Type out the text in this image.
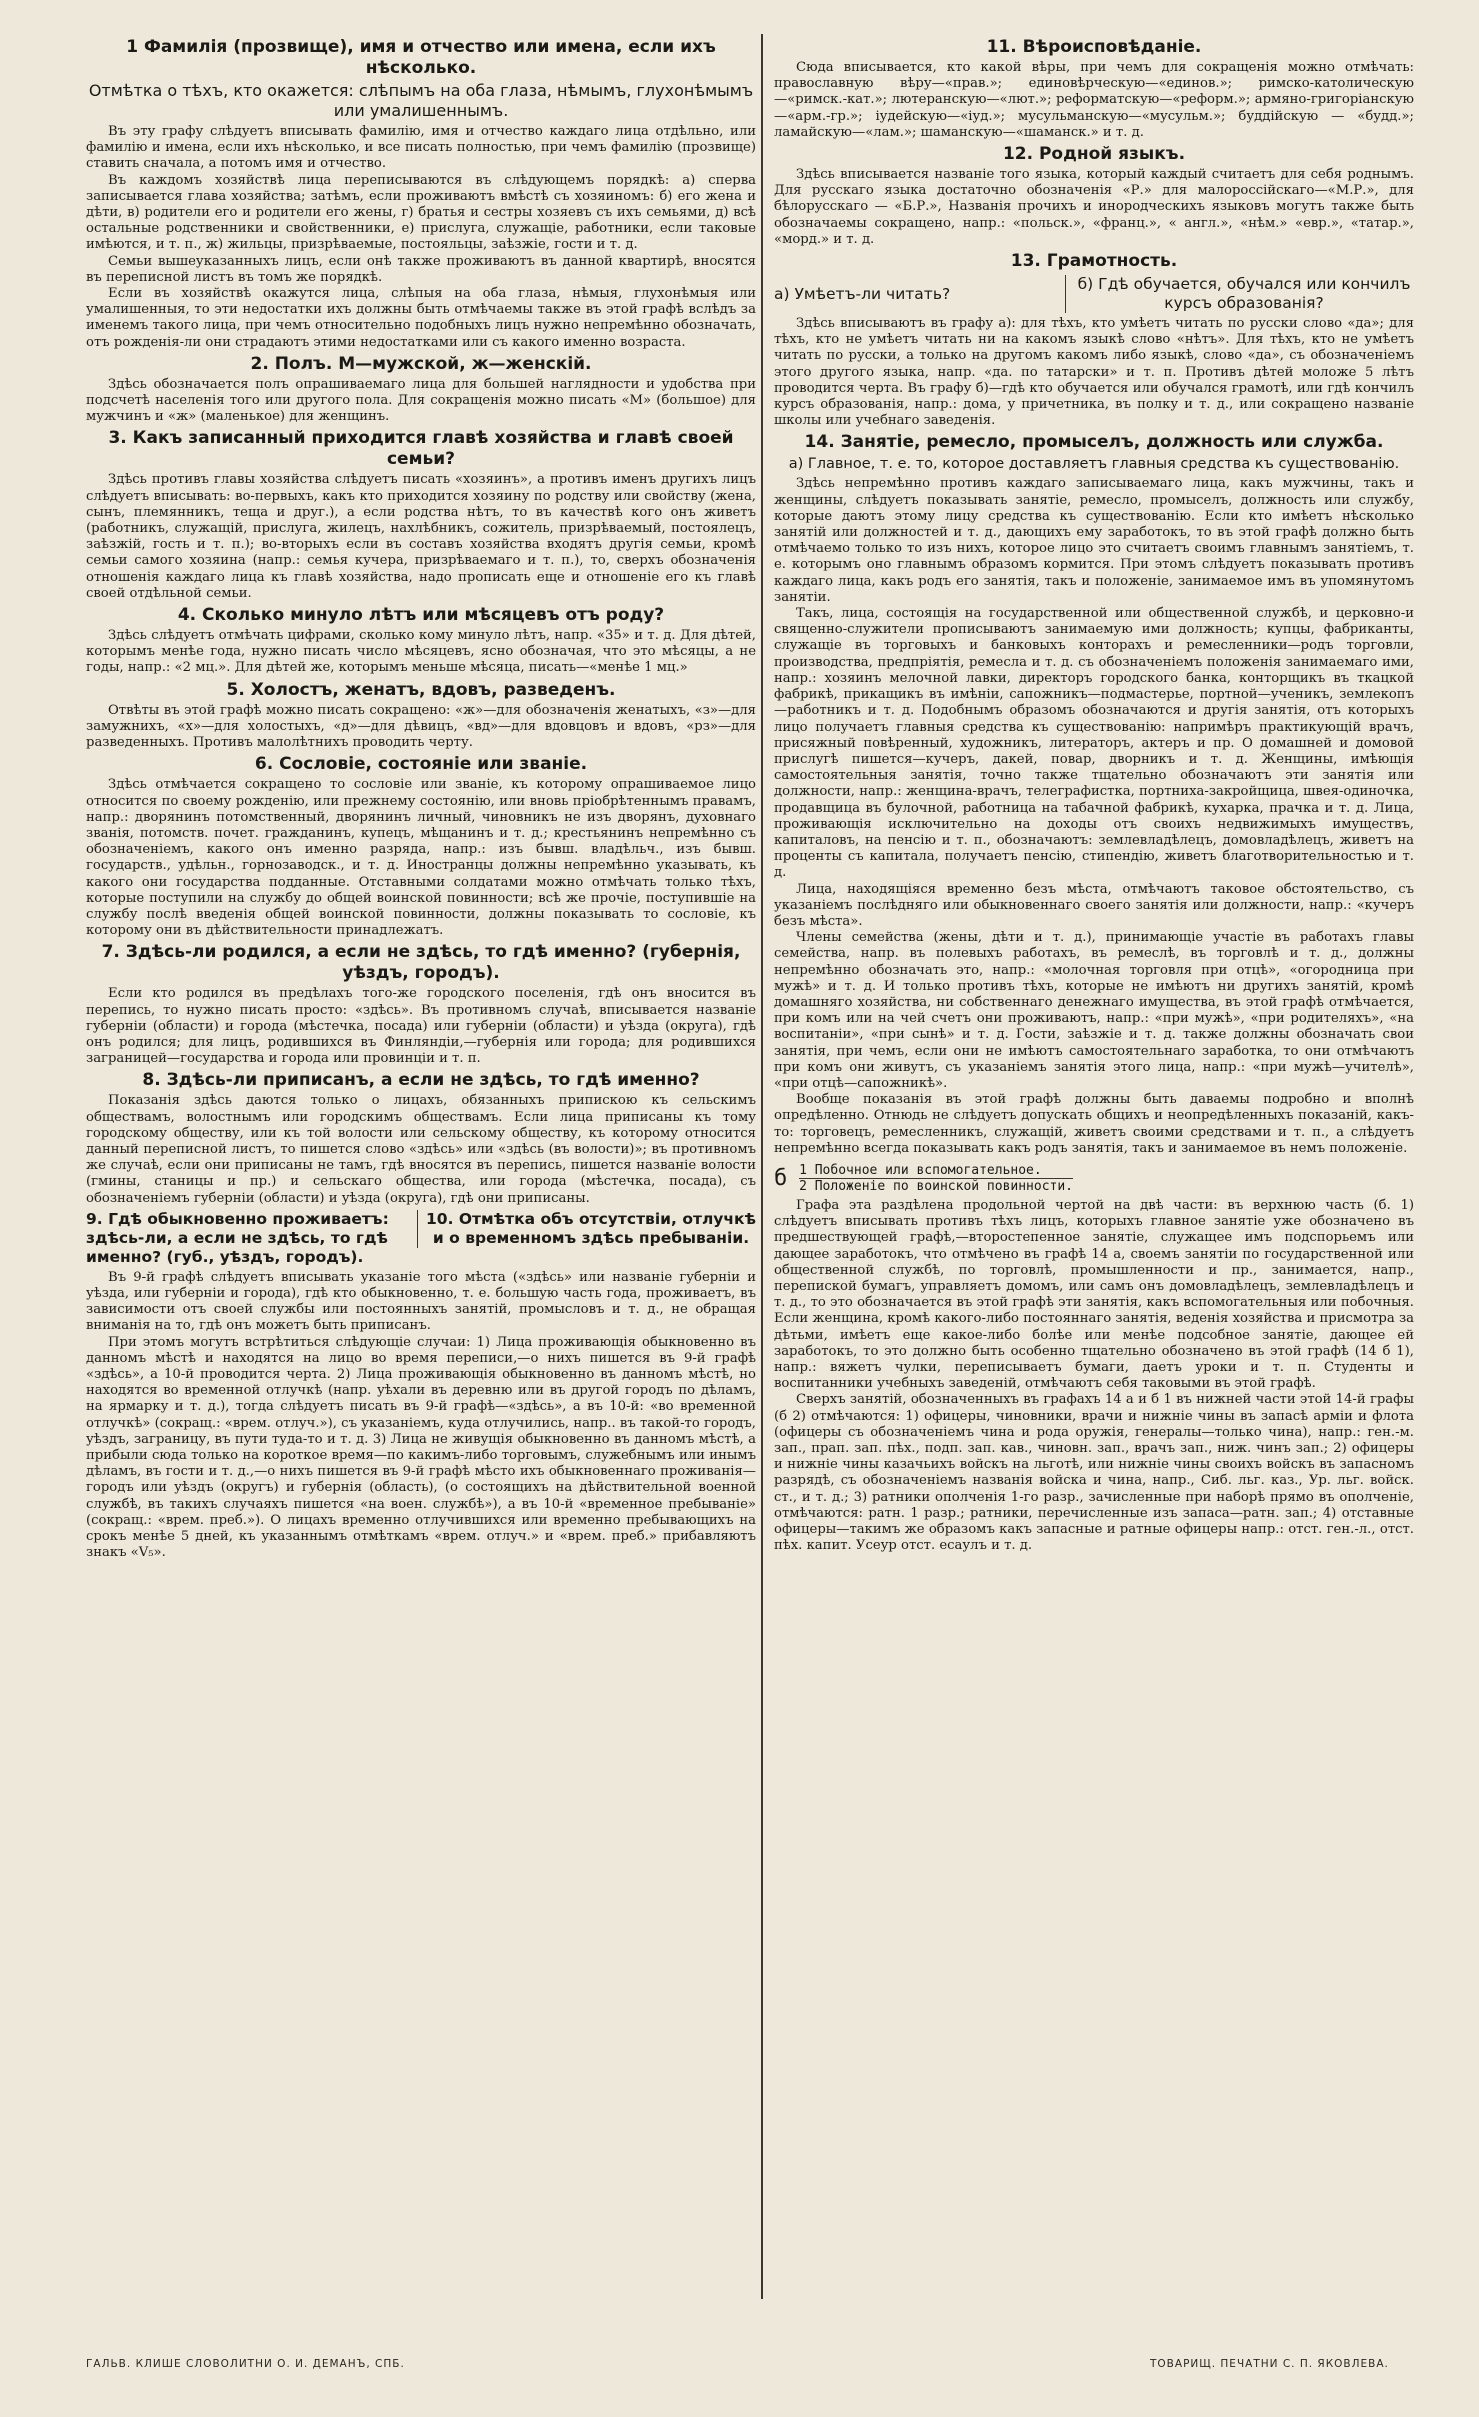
1 Фамилія (прозвище), имя и отчество или имена, если ихъ нѣсколько.
Отмѣтка о тѣхъ, кто окажется: слѣпымъ на оба глаза, нѣмымъ, глухонѣмымъ или умалишеннымъ.

Въ эту графу слѣдуетъ вписывать фамилію, имя и отчество каждаго лица отдѣльно, или фамилію и имена, если ихъ нѣсколько, и все писать полностью, при чемъ фамилію (прозвище) ставить сначала, а потомъ имя и отчество.

Въ каждомъ хозяйствѣ лица переписываются въ слѣдующемъ порядкѣ: а) сперва записывается глава хозяйства; затѣмъ, если проживаютъ вмѣстѣ съ хозяиномъ: б) его жена и дѣти, в) родители его и родители его жены, г) братья и сестры хозяевъ съ ихъ семьями, д) всѣ остальные родственники и свойственники, е) прислуга, служащіе, работники, если таковые имѣются, и т. п., ж) жильцы, призрѣваемые, постояльцы, заѣзжіе, гости и т. д.

Семьи вышеуказанныхъ лицъ, если онѣ также проживаютъ въ данной квартирѣ, вносятся въ переписной листъ въ томъ же порядкѣ.

Если въ хозяйствѣ окажутся лица, слѣпыя на оба глаза, нѣмыя, глухонѣмыя или умалишенныя, то эти недостатки ихъ должны быть отмѣчаемы также въ этой графѣ вслѣдъ за именемъ такого лица, при чемъ относительно подобныхъ лицъ нужно непремѣнно обозначать, отъ рожденія-ли они страдаютъ этими недостатками или съ какого именно возраста.

2. Полъ. М—мужской, ж—женскій.

Здѣсь обозначается полъ опрашиваемаго лица для большей наглядности и удобства при подсчетѣ населенія того или другого пола. Для сокращенія можно писать «М» (большое) для мужчинъ и «ж» (маленькое) для женщинъ.

3. Какъ записанный приходится главѣ хозяйства и главѣ своей семьи?

Здѣсь противъ главы хозяйства слѣдуетъ писать «хозяинъ», а противъ именъ другихъ лицъ слѣдуетъ вписывать: во-первыхъ, какъ кто приходится хозяину по родству или свойству (жена, сынъ, племянникъ, теща и друг.), а если родства нѣтъ, то въ качествѣ кого онъ живетъ (работникъ, служащій, прислуга, жилецъ, нахлѣбникъ, сожитель, призрѣваемый, постоялецъ, заѣзжій, гость и т. п.); во-вторыхъ если въ составъ хозяйства входятъ другія семьи, кромѣ семьи самого хозяина (напр.: семья кучера, призрѣваемаго и т. п.), то, сверхъ обозначенія отношенія каждаго лица къ главѣ хозяйства, надо прописать еще и отношеніе его къ главѣ своей отдѣльной семьи.

4. Сколько минуло лѣтъ или мѣсяцевъ отъ роду?

Здѣсь слѣдуетъ отмѣчать цифрами, сколько кому минуло лѣтъ, напр. «35» и т. д. Для дѣтей, которымъ менѣе года, нужно писать число мѣсяцевъ, ясно обозначая, что это мѣсяцы, а не годы, напр.: «2 мц.». Для дѣтей же, которымъ меньше мѣсяца, писать—«менѣе 1 мц.»

5. Холостъ, женатъ, вдовъ, разведенъ.

Отвѣты въ этой графѣ можно писать сокращено: «ж»—для обозначенія женатыхъ, «з»—для замужнихъ, «х»—для холостыхъ, «д»—для дѣвицъ, «вд»—для вдовцовъ и вдовъ, «рз»—для разведенныхъ. Противъ малолѣтнихъ проводить черту.

6. Сословіе, состояніе или званіе.

Здѣсь отмѣчается сокращено то сословіе или званіе, къ которому опрашиваемое лицо относится по своему рожденію, или прежнему состоянію, или вновь пріобрѣтеннымъ правамъ, напр.: дворянинъ потомственный, дворянинъ личный, чиновникъ не изъ дворянъ, духовнаго званія, потомств. почет. гражданинъ, купецъ, мѣщанинъ и т. д.; крестьянинъ непремѣнно съ обозначеніемъ, какого онъ именно разряда, напр.: изъ бывш. владѣльч., изъ бывш. государств., удѣльн., горнозаводск., и т. д. Иностранцы должны непремѣнно указывать, къ какого они государства подданные. Отставными солдатами можно отмѣчать только тѣхъ, которые поступили на службу до общей воинской повинности; всѣ же прочіе, поступившіе на службу послѣ введенія общей воинской повинности, должны показывать то сословіе, къ которому они въ дѣйствительности принадлежатъ.

7. Здѣсь-ли родился, а если не здѣсь, то гдѣ именно? (губернія, уѣздъ, городъ).

Если кто родился въ предѣлахъ того-же городского поселенія, гдѣ онъ вносится въ перепись, то нужно писать просто: «здѣсь». Въ противномъ случаѣ, вписывается названіе губерніи (области) и города (мѣстечка, посада) или губерніи (области) и уѣзда (округа), гдѣ онъ родился; для лицъ, родившихся въ Финляндіи,—губернія или города; для родившихся заграницей—государства и города или провинціи и т. п.

8. Здѣсь-ли приписанъ, а если не здѣсь, то гдѣ именно?

Показанія здѣсь даются только о лицахъ, обязанныхъ припискою къ сельскимъ обществамъ, волостнымъ или городскимъ обществамъ. Если лица приписаны къ тому городскому обществу, или къ той волости или сельскому обществу, къ которому относится данный переписной листъ, то пишется слово «здѣсь» или «здѣсь (въ волости)»; въ противномъ же случаѣ, если они приписаны не тамъ, гдѣ вносятся въ перепись, пишется названіе волости (гмины, станицы и пр.) и сельскаго общества, или города (мѣстечка, посада), съ обозначеніемъ губерніи (области) и уѣзда (округа), гдѣ они приписаны.

9. Гдѣ обыкновенно проживаетъ: здѣсь-ли, а если не здѣсь, то гдѣ именно? (губ., уѣздъ, городъ).
10. Отмѣтка объ отсутствіи, отлучкѣ и о временномъ здѣсь пребываніи.

Въ 9-й графѣ слѣдуетъ вписывать указаніе того мѣста («здѣсь» или названіе губерніи и уѣзда, или губерніи и города), гдѣ кто обыкновенно, т. е. большую часть года, проживаетъ, въ зависимости отъ своей службы или постоянныхъ занятій, промысловъ и т. д., не обращая вниманія на то, гдѣ онъ можетъ быть приписанъ.

При этомъ могутъ встрѣтиться слѣдующіе случаи: 1) Лица проживающія обыкновенно въ данномъ мѣстѣ и находятся на лицо во время переписи,—о нихъ пишется въ 9-й графѣ «здѣсь», а 10-й проводится черта. 2) Лица проживающія обыкновенно въ данномъ мѣстѣ, но находятся во временной отлучкѣ (напр. уѣхали въ деревню или въ другой городъ по дѣламъ, на ярмарку и т. д.), тогда слѣдуетъ писать въ 9-й графѣ—«здѣсь», а въ 10-й: «во временной отлучкѣ» (сокращ.: «врем. отлуч.»), съ указаніемъ, куда отлучились, напр.. въ такой-то городъ, уѣздъ, заграницу, въ пути туда-то и т. д. 3) Лица не живущія обыкновенно въ данномъ мѣстѣ, а прибыли сюда только на короткое время—по какимъ-либо торговымъ, служебнымъ или инымъ дѣламъ, въ гости и т. д.,—о нихъ пишется въ 9-й графѣ мѣсто ихъ обыкновеннаго проживанія—городъ или уѣздъ (округъ) и губернія (область), (о состоящихъ на дѣйствительной военной службѣ, въ такихъ случаяхъ пишется «на воен. службѣ»), а въ 10-й «временное пребываніе» (сокращ.: «врем. преб.»). О лицахъ временно отлучившихся или временно пребывающихъ на срокъ менѣе 5 дней, къ указаннымъ отмѣткамъ «врем. отлуч.» и «врем. преб.» прибавляютъ знакъ «V₅».

11. Вѣроисповѣданіе.

Сюда вписывается, кто какой вѣры, при чемъ для сокращенія можно отмѣчать: православную вѣру—«прав.»; единовѣрческую—«единов.»; римско-католическую—«римск.-кат.»; лютеранскую—«лют.»; реформатскую—«реформ.»; армяно-григоріанскую—«арм.-гр.»; іудейскую—«іуд.»; мусульманскую—«мусульм.»; буддійскую — «будд.»; ламайскую—«лам.»; шаманскую—«шаманск.» и т. д.

12. Родной языкъ.

Здѣсь вписывается названіе того языка, который каждый считаетъ для себя роднымъ. Для русскаго языка достаточно обозначенія «Р.» для малороссійскаго—«М.Р.», для бѣлорусскаго — «Б.Р.», Названія прочихъ и инородческихъ языковъ могутъ также быть обозначаемы сокращено, напр.: «польск.», «франц.», « англ.», «нѣм.» «евр.», «татар.», «морд.» и т. д.

13. Грамотность.
а) Умѣетъ-ли читать?
б) Гдѣ обучается, обучался или кончилъ курсъ образованія?

Здѣсь вписываютъ въ графу а): для тѣхъ, кто умѣетъ читать по русски слово «да»; для тѣхъ, кто не умѣетъ читать ни на какомъ языкѣ слово «нѣтъ». Для тѣхъ, кто не умѣетъ читать по русски, а только на другомъ какомъ либо языкѣ, слово «да», съ обозначеніемъ этого другого языка, напр. «да. по татарски» и т. п. Противъ дѣтей моложе 5 лѣтъ проводится черта. Въ графу б)—гдѣ кто обучается или обучался грамотѣ, или гдѣ кончилъ курсъ образованія, напр.: дома, у причетника, въ полку и т. д., или сокращено названіе школы или учебнаго заведенія.

14. Занятіе, ремесло, промыселъ, должность или служба.
а) Главное, т. е. то, которое доставляетъ главныя средства къ существованію.

Здѣсь непремѣнно противъ каждаго записываемаго лица, какъ мужчины, такъ и женщины, слѣдуетъ показывать занятіе, ремесло, промыселъ, должность или службу, которые даютъ этому лицу средства къ существованію. Если кто имѣетъ нѣсколько занятій или должностей и т. д., дающихъ ему заработокъ, то въ этой графѣ должно быть отмѣчаемо только то изъ нихъ, которое лицо это считаетъ своимъ главнымъ занятіемъ, т. е. которымъ оно главнымъ образомъ кормится. При этомъ слѣдуетъ показывать противъ каждаго лица, какъ родъ его занятія, такъ и положеніе, занимаемое имъ въ упомянутомъ занятіи.

Такъ, лица, состоящія на государственной или общественной службѣ, и церковно-и священно-служители прописываютъ занимаемую ими должность; купцы, фабриканты, служащіе въ торговыхъ и банковыхъ конторахъ и ремесленники—родъ торговли, производства, предпріятія, ремесла и т. д. съ обозначеніемъ положенія занимаемаго ими, напр.: хозяинъ мелочной лавки, директоръ городского банка, конторщикъ въ ткацкой фабрикѣ, прикащикъ въ имѣніи, сапожникъ—подмастерье, портной—ученикъ, землекопъ—работникъ и т. д. Подобнымъ образомъ обозначаются и другія занятія, отъ которыхъ лицо получаетъ главныя средства къ существованію: напримѣръ практикующій врачъ, присяжный повѣренный, художникъ, литераторъ, актеръ и пр. О домашней и домовой прислугѣ пишется—кучеръ, дакей, повар, дворникъ и т. д. Женщины, имѣющія самостоятельныя занятія, точно также тщательно обозначаютъ эти занятія или должности, напр.: женщина-врачъ, телеграфистка, портниха-закройщица, швея-одиночка, продавщица въ булочной, работница на табачной фабрикѣ, кухарка, прачка и т. д. Лица, проживающія исключительно на доходы отъ своихъ недвижимыхъ имуществъ, капиталовъ, на пенсію и т. п., обозначаютъ: землевладѣлецъ, домовладѣлецъ, живетъ на проценты съ капитала, получаетъ пенсію, стипендію, живетъ благотворительностью и т. д.

Лица, находящіяся временно безъ мѣста, отмѣчаютъ таковое обстоятельство, съ указаніемъ послѣдняго или обыкновеннаго своего занятія или должности, напр.: «кучеръ безъ мѣста».

Члены семейства (жены, дѣти и т. д.), принимающіе участіе въ работахъ главы семейства, напр. въ полевыхъ работахъ, въ ремеслѣ, въ торговлѣ и т. д., должны непремѣнно обозначать это, напр.: «молочная торговля при отцѣ», «огородница при мужѣ» и т. д. И только противъ тѣхъ, которые не имѣютъ ни другихъ занятій, кромѣ домашняго хозяйства, ни собственнаго денежнаго имущества, въ этой графѣ отмѣчается, при комъ или на чей счетъ они проживаютъ, напр.: «при мужѣ», «при родителяхъ», «на воспитаніи», «при сынѣ» и т. д. Гости, заѣзжіе и т. д. также должны обозначать свои занятія, при чемъ, если они не имѣютъ самостоятельнаго заработка, то они отмѣчаютъ при комъ они живутъ, съ указаніемъ занятія этого лица, напр.: «при мужѣ—учителѣ», «при отцѣ—сапожникѣ».

Вообще показанія въ этой графѣ должны быть даваемы подробно и вполнѣ опредѣленно. Отнюдь не слѣдуетъ допускать общихъ и неопредѣленныхъ показаній, какъ-то: торговецъ, ремесленникъ, служащій, живетъ своими средствами и т. п., а слѣдуетъ непремѣнно всегда показывать какъ родъ занятія, такъ и занимаемое въ немъ положеніе.

б 1 Побочное или вспомогательное.
2 Положеніе по воинской повинности.

Графа эта раздѣлена продольной чертой на двѣ части: въ верхнюю часть (б. 1) слѣдуетъ вписывать противъ тѣхъ лицъ, которыхъ главное занятіе уже обозначено въ предшествующей графѣ,—второстепенное занятіе, служащее имъ подспорьемъ или дающее заработокъ, что отмѣчено въ графѣ 14 а, своемъ занятіи по государственной или общественной службѣ, по торговлѣ, промышленности и пр., занимается, напр., перепиской бумагъ, управляетъ домомъ, или самъ онъ домовладѣлецъ, землевладѣлецъ и т. д., то это обозначается въ этой графѣ эти занятія, какъ вспомогательныя или побочныя. Если женщина, кромѣ какого-либо постояннаго занятія, веденія хозяйства и присмотра за дѣтьми, имѣетъ еще какое-либо болѣе или менѣе подсобное занятіе, дающее ей заработокъ, то это должно быть особенно тщательно обозначено въ этой графѣ (14 б 1), напр.: вяжетъ чулки, переписываетъ бумаги, даетъ уроки и т. п. Студенты и воспитанники учебныхъ заведеній, отмѣчаютъ себя таковыми въ этой графѣ.

Сверхъ занятій, обозначенныхъ въ графахъ 14 а и б 1 въ нижней части этой 14-й графы (б 2) отмѣчаются: 1) офицеры, чиновники, врачи и нижніе чины въ запасѣ арміи и флота (офицеры съ обозначеніемъ чина и рода оружія, генералы—только чина), напр.: ген.-м. зап., прап. зап. пѣх., подп. зап. кав., чиновн. зап., врачъ зап., ниж. чинъ зап.; 2) офицеры и нижніе чины казачьихъ войскъ на льготѣ, или нижніе чины своихъ войскъ въ запасномъ разрядѣ, съ обозначеніемъ названія войска и чина, напр., Сиб. льг. каз., Ур. льг. войск. ст., и т. д.; 3) ратники ополченія 1-го разр., зачисленные при наборѣ прямо въ ополченіе, отмѣчаются: ратн. 1 разр.; ратники, перечисленные изъ запаса—ратн. зап.; 4) отставные офицеры—такимъ же образомъ какъ запасные и ратные офицеры напр.: отст. ген.-л., отст. пѣх. капит. Усеур отст. есаулъ и т. д.

ГАЛЬВ. КЛИШЕ СЛОВОЛИТНИ О. И. ДЕМАНЪ, СПБ.	ТОВАРИЩ. ПЕЧАТНИ С. П. ЯКОВЛЕВА.
